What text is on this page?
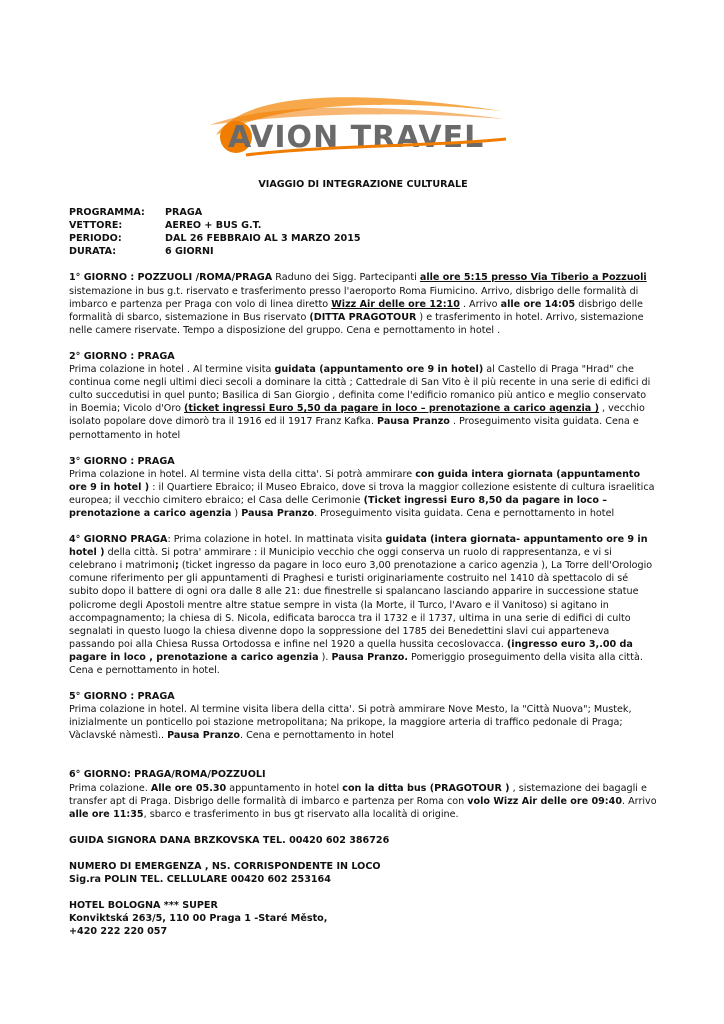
AVION TRAVEL
VIAGGIO DI INTEGRAZIONE CULTURALE
PROGRAMMA:	PRAGA
VETTORE:	AEREO + BUS G.T.
PERIODO:	DAL 26 FEBBRAIO AL 3 MARZO 2015
DURATA:	6 GIORNI

1° GIORNO : POZZUOLI /ROMA/PRAGA Raduno dei Sigg. Partecipanti alle ore 5:15 presso Via Tiberio a Pozzuoli sistemazione in bus g.t. riservato e trasferimento presso l'aeroporto Roma Fiumicino. Arrivo, disbrigo delle formalità di imbarco e partenza per Praga con volo di linea diretto Wizz Air delle ore 12:10 . Arrivo alle ore 14:05 disbrigo delle formalità di sbarco, sistemazione in Bus riservato (DITTA PRAGOTOUR ) e trasferimento in hotel. Arrivo, sistemazione nelle camere riservate. Tempo a disposizione del gruppo. Cena e pernottamento in hotel .

2° GIORNO : PRAGA
Prima colazione in hotel . Al termine visita guidata (appuntamento ore 9 in hotel) al Castello di Praga "Hrad" che continua come negli ultimi dieci secoli a dominare la città ; Cattedrale di San Vito è il più recente in una serie di edifici di culto succedutisi in quel punto; Basilica di San Giorgio , definita come l'edificio romanico più antico e meglio conservato in Boemia; Vicolo d'Oro (ticket ingressi Euro 5,50 da pagare in loco – prenotazione a carico agenzia ) , vecchio isolato popolare dove dimorò tra il 1916 ed il 1917 Franz Kafka. Pausa Pranzo . Proseguimento visita guidata. Cena e pernottamento in hotel

3° GIORNO : PRAGA
Prima colazione in hotel. Al termine vista della citta'. Si potrà ammirare con guida intera giornata (appuntamento ore 9 in hotel ) : il Quartiere Ebraico; il Museo Ebraico, dove si trova la maggior collezione esistente di cultura israelitica europea; il vecchio cimitero ebraico; el Casa delle Cerimonie (Ticket ingressi Euro 8,50 da pagare in loco – prenotazione a carico agenzia ) Pausa Pranzo. Proseguimento visita guidata. Cena e pernottamento in hotel

4° GIORNO PRAGA: Prima colazione in hotel. In mattinata visita guidata (intera giornata- appuntamento ore 9 in hotel ) della città. Si potra' ammirare : il Municipio vecchio che oggi conserva un ruolo di rappresentanza, e vi si celebrano i matrimoni; (ticket ingresso da pagare in loco euro 3,00 prenotazione a carico agenzia ), La Torre dell'Orologio comune riferimento per gli appuntamenti di Praghesi e turisti originariamente costruito nel 1410 dà spettacolo di sé subito dopo il battere di ogni ora dalle 8 alle 21: due finestrelle si spalancano lasciando apparire in successione statue policrome degli Apostoli mentre altre statue sempre in vista (la Morte, il Turco, l'Avaro e il Vanitoso) si agitano in accompagnamento; la chiesa di S. Nicola, edificata barocca tra il 1732 e il 1737, ultima in una serie di edifici di culto segnalati in questo luogo la chiesa divenne dopo la soppressione del 1785 dei Benedettini slavi cui apparteneva passando poi alla Chiesa Russa Ortodossa e infine nel 1920 a quella hussita cecoslovacca. (ingresso euro 3,.00 da pagare in loco , prenotazione a carico agenzia ). Pausa Pranzo. Pomeriggio proseguimento della visita alla città. Cena e pernottamento in hotel.

5° GIORNO : PRAGA
Prima colazione in hotel. Al termine visita libera della citta'. Si potrà ammirare Nove Mesto, la "Città Nuova"; Mustek, inizialmente un ponticello poi stazione metropolitana; Na prikope, la maggiore arteria di traffico pedonale di Praga; Vàclavské nàmestì.. Pausa Pranzo. Cena e pernottamento in hotel

6° GIORNO: PRAGA/ROMA/POZZUOLI
Prima colazione. Alle ore 05.30 appuntamento in hotel con la ditta bus (PRAGOTOUR ) , sistemazione dei bagagli e transfer apt di Praga. Disbrigo delle formalità di imbarco e partenza per Roma con volo Wizz Air delle ore 09:40. Arrivo alle ore 11:35, sbarco e trasferimento in bus gt riservato alla località di origine.

GUIDA SIGNORA DANA BRZKOVSKA TEL. 00420 602 386726

NUMERO DI EMERGENZA , NS. CORRISPONDENTE IN LOCO
Sig.ra POLIN TEL. CELLULARE 00420 602 253164

HOTEL BOLOGNA *** SUPER
Konviktská 263/5, 110 00 Praga 1 -Staré Město,
+420 222 220 057
